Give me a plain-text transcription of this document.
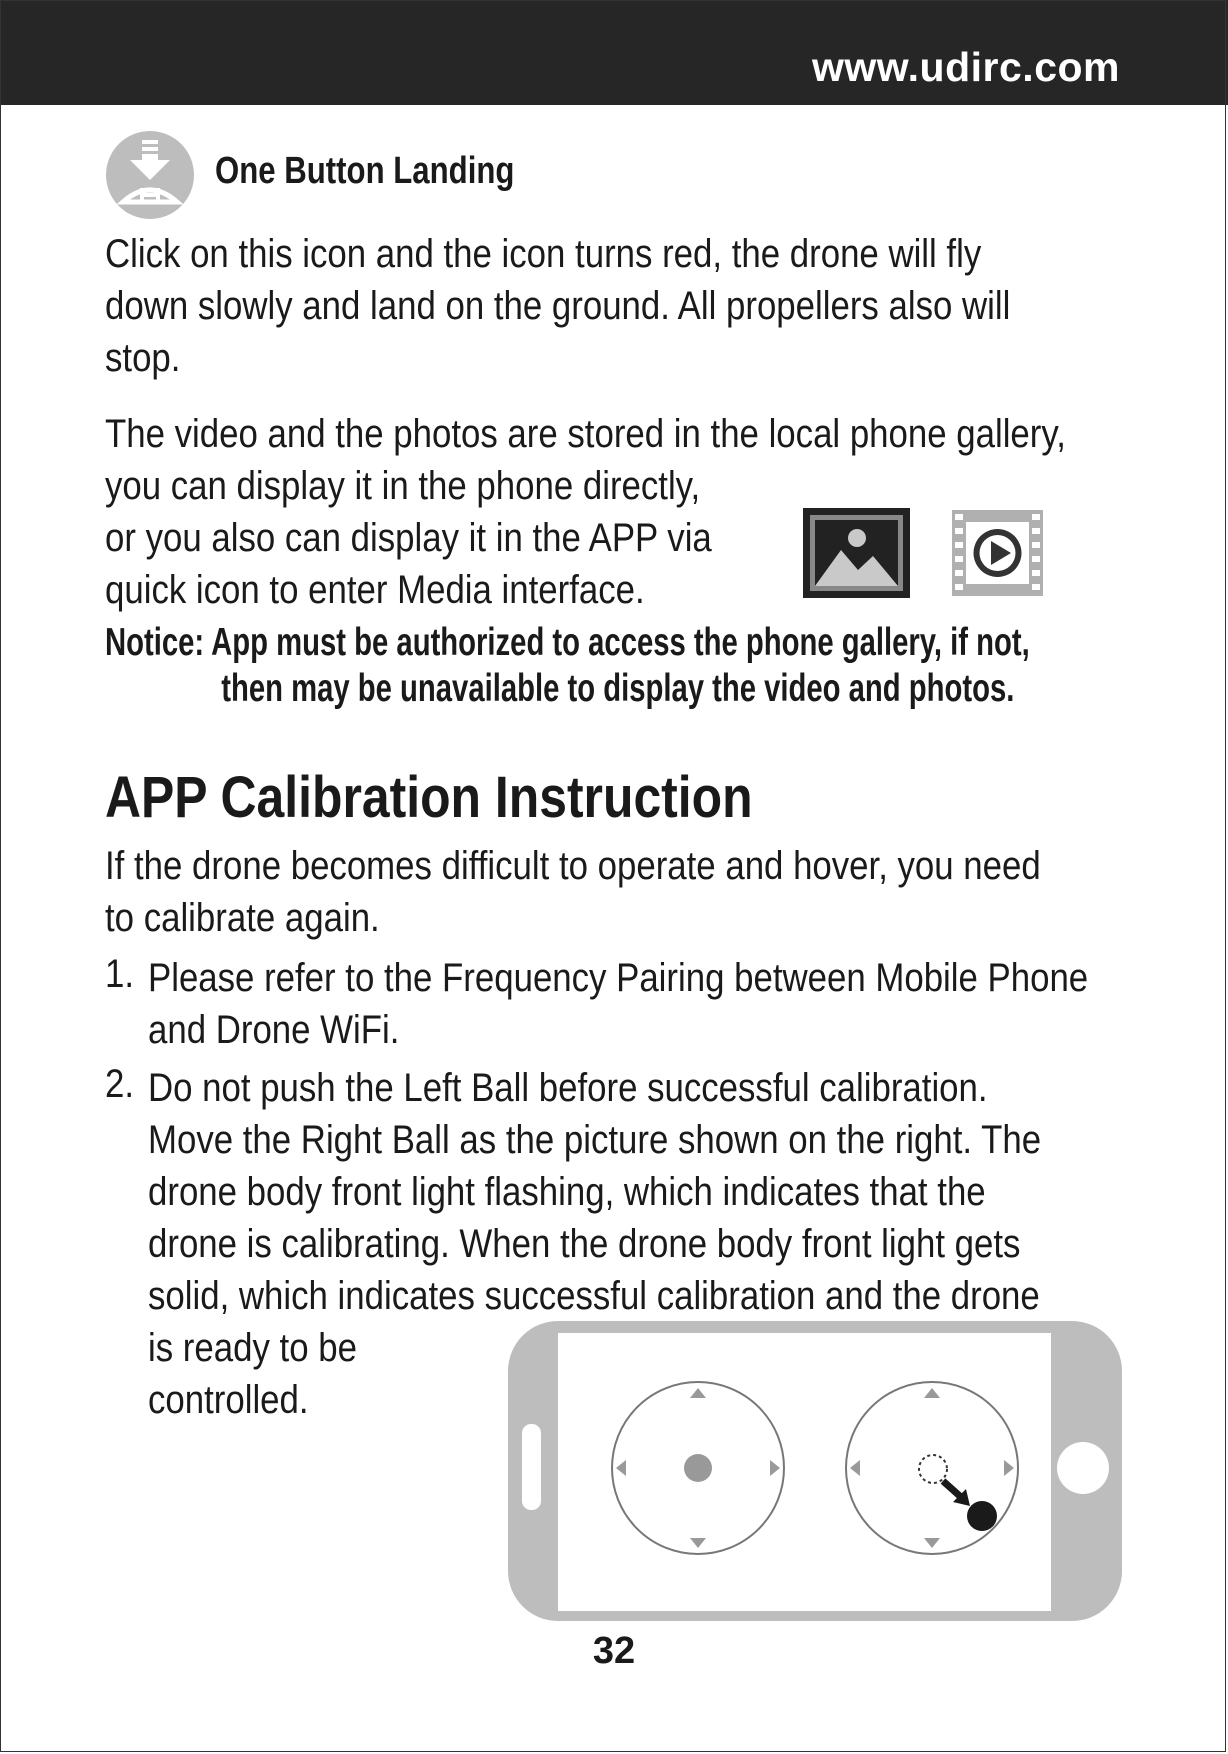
www.udirc.com
One Button Landing
Click on this icon and the icon turns red, the drone will fly
down slowly and land on the ground. All propellers also will
stop.
The video and the photos are stored in the local phone gallery,
you can display it in the phone directly,
or you also can display it in the APP via
quick icon to enter Media interface.
Notice: App must be authorized to access the phone gallery, if not,
then may be unavailable to display the video and photos.
APP Calibration Instruction
If the drone becomes difficult to operate and hover, you need
to calibrate again.
1. Please refer to the Frequency Pairing between Mobile Phone
and Drone WiFi.
2. Do not push the Left Ball before successful calibration.
Move the Right Ball as the picture shown on the right. The
drone body front light flashing, which indicates that the
drone is calibrating. When the drone body front light gets
solid, which indicates successful calibration and the drone
is ready to be
controlled.
32
